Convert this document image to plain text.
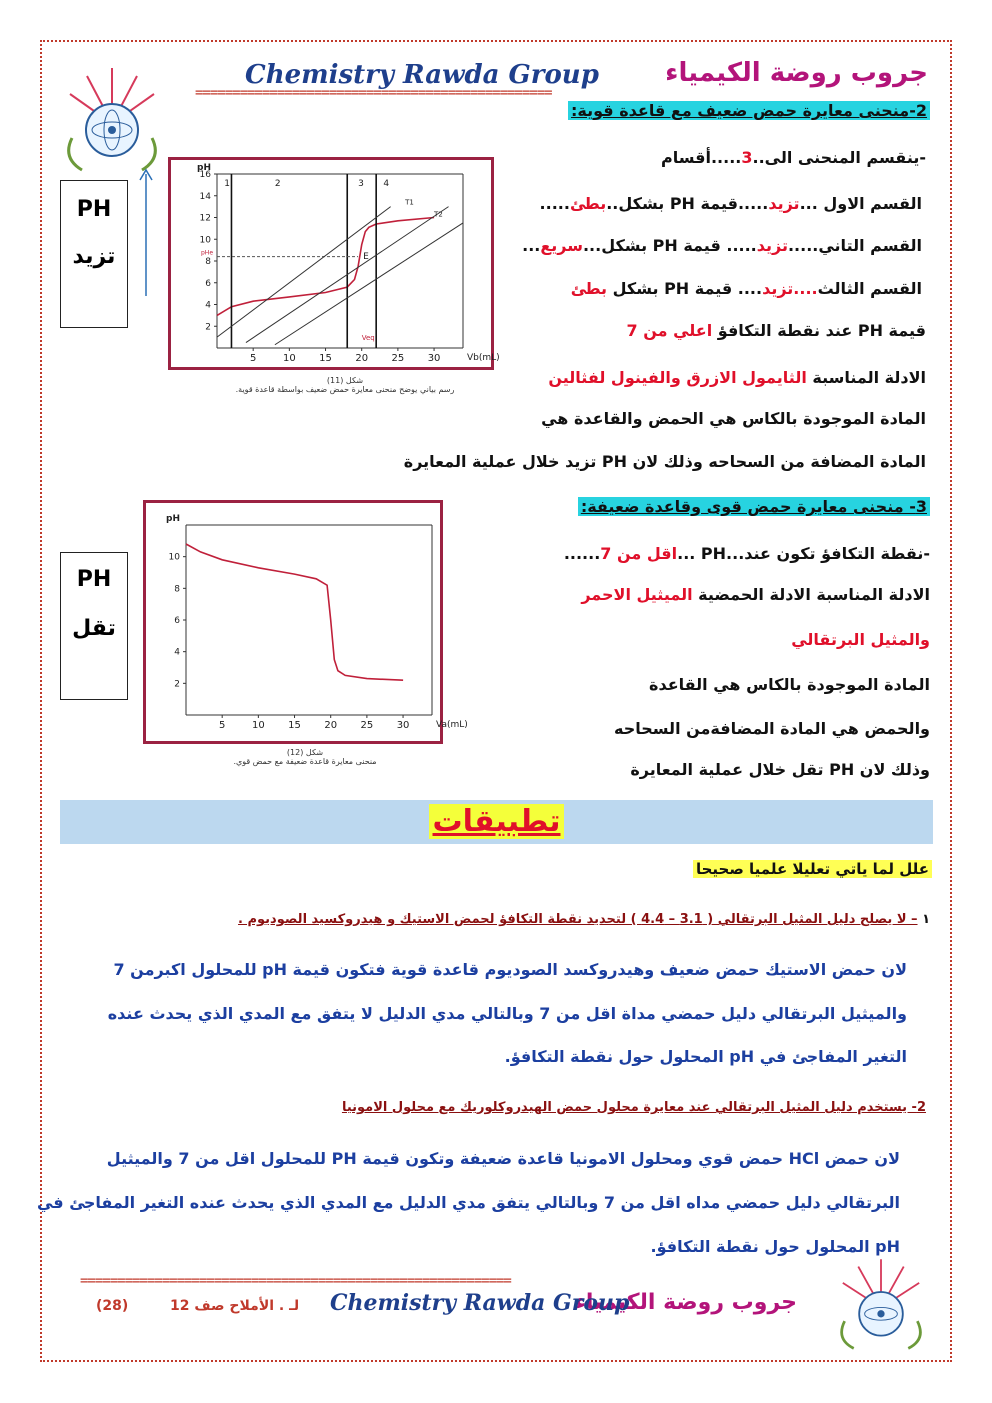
Chemistry Rawda Group	جروب روضة الكيمياء
================================================
2-منحنى معايرة حمض ضعيف مع قاعدة قوية:
-ينقسم المنحنى الى..3.....أقسام
القسم الاول ...تزيد.....قيمة PH بشكل..بطئ.....
القسم التاني.....تزيد..... قيمة PH بشكل...سريع...
القسم الثالث....تزيد.... قيمة PH بشكل بطئ
قيمة PH عند نقطة التكافؤ اعلي من 7
الادلة المناسبة الثايمول الازرق والفينول لفثالين
المادة الموجودة بالكاس هي الحمض والقاعدة هي
المادة المضافة من السحاحه وذلك لان PH تزيد خلال عملية المعايرة
PH
تزيد
5	10 15 20 25 30
2
4
6
8
10
12
14
16
pH
Vb(mL)
1	2	3 4
E
Veq
pHe
T1
T2
شكل (11)
رسم بياني يوضح منحنى معايرة حمض ضعيف بواسطة قاعدة قوية.
3- منحنى معايرة حمض قوى وقاعدة ضعيفة:
-نقطة التكافؤ تكون عند...PH ...اقل من 7......
الادلة المناسبة الادلة الحمضية الميثيل الاحمر
والمثيل البرتقالي
المادة الموجودة بالكاس هي القاعدة
والحمض هي المادة المضافةمن السحاحه
وذلك لان PH تقل خلال عملية المعايرة
PH
تقل
5	10 15 20 25 30
2
4
6
8
10
pH
Va(mL)
شكل (12)
منحنى معايرة قاعدة ضعيفة مع حمض قوي.
تطبيقات
علل لما ياتي تعليلا علميا صحيحا
١ – لا يصلح دليل المثيل البرتقالي ( 3.1 – 4.4 ) لتحديد نقطة التكافؤ لحمض الاستيك و هيدروكسيد الصوديوم .
لان حمض الاستيك حمض ضعيف وهيدروكسد الصوديوم قاعدة قوية فتكون قيمة pH للمحلول اكبرمن 7
والميثيل البرتقالي دليل حمضي مداة اقل من 7 وبالتالي مدي الدليل لا يتفق مع المدي الذي يحدث عنده
التغير المفاجئ في pH المحلول حول نقطة التكافؤ.
2- يستخدم دليل المثيل البرتقالي عند معايرة محلول حمض الهيدروكلوريك مع محلول الامونيا
لان حمض HCl حمض قوي ومحلول الامونيا قاعدة ضعيفة وتكون قيمة PH للمحلول اقل من 7 والميثيل
البرتقالي دليل حمضي مداه اقل من 7 وبالتالي يتفق مدي الدليل مع المدي الذي يحدث عنده التغير المفاجئ في
pH المحلول حول نقطة التكافؤ.
==========================================================
جروب روضة الكيمياء
Chemistry Rawda Group
لـ . الأملاح صف 12
(28)
